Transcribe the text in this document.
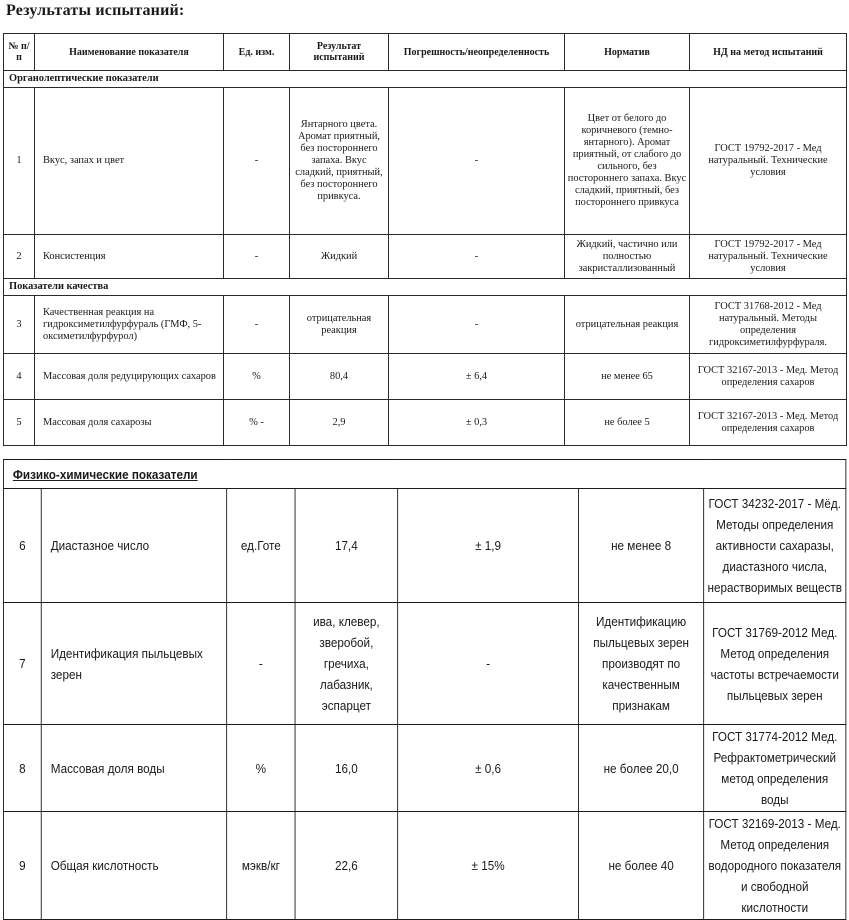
Результаты испытаний:
№ п/п	Наименование показателя	Ед. изм.	Результат испытаний	Погрешность/неопределенность	Норматив	НД на метод испытаний
Органолептические показатели						
1	Вкус, запах и цвет	-	Янтарного цвета. Аромат приятный, без постороннего запаха. Вкус сладкий, приятный, без постороннего привкуса.	-	Цвет от белого до коричневого (темно-янтарного). Аромат приятный, от слабого до сильного, без постороннего запаха. Вкус сладкий, приятный, без постороннего привкуса	ГОСТ 19792-2017 - Мед натуральный. Технические условия
2	Консистенция	-	Жидкий	-	Жидкий, частично или полностью закристаллизованный	ГОСТ 19792-2017 - Мед натуральный. Технические условия
Показатели качества						
3	Качественная реакция на гидроксиметилфурфураль (ГМФ, 5-оксиметилфурфурол)	-	отрицательная реакция	-	отрицательная реакция	ГОСТ 31768-2012 - Мед натуральный. Методы определения гидроксиметилфурфураля.
4	Массовая доля редуцирующих сахаров	%	80,4	± 6,4	не менее 65	ГОСТ 32167-2013 - Мед. Метод определения сахаров
5	Массовая доля сахарозы	% -	2,9	± 0,3	не более 5	ГОСТ 32167-2013 - Мед. Метод определения сахаров
Физико-химические показатели						
6	Диастазное число	ед.Готе	17,4	± 1,9	не менее 8	ГОСТ 34232-2017 - Мёд. Методы определения активности сахаразы, диастазного числа, нерастворимых веществ
7	Идентификация пыльцевых зерен	-	ива, клевер, зверобой, гречиха, лабазник, эспарцет	-	Идентификацию пыльцевых зерен производят по качественным признакам	ГОСТ 31769-2012 Мед. Метод определения частоты встречаемости пыльцевых зерен
8	Массовая доля воды	%	16,0	± 0,6	не более 20,0	ГОСТ 31774-2012 Мед. Рефрактометрический метод определения воды
9	Общая кислотность	мэкв/кг	22,6	± 15%	не более 40	ГОСТ 32169-2013 - Мед. Метод определения водородного показателя и свободной кислотности
